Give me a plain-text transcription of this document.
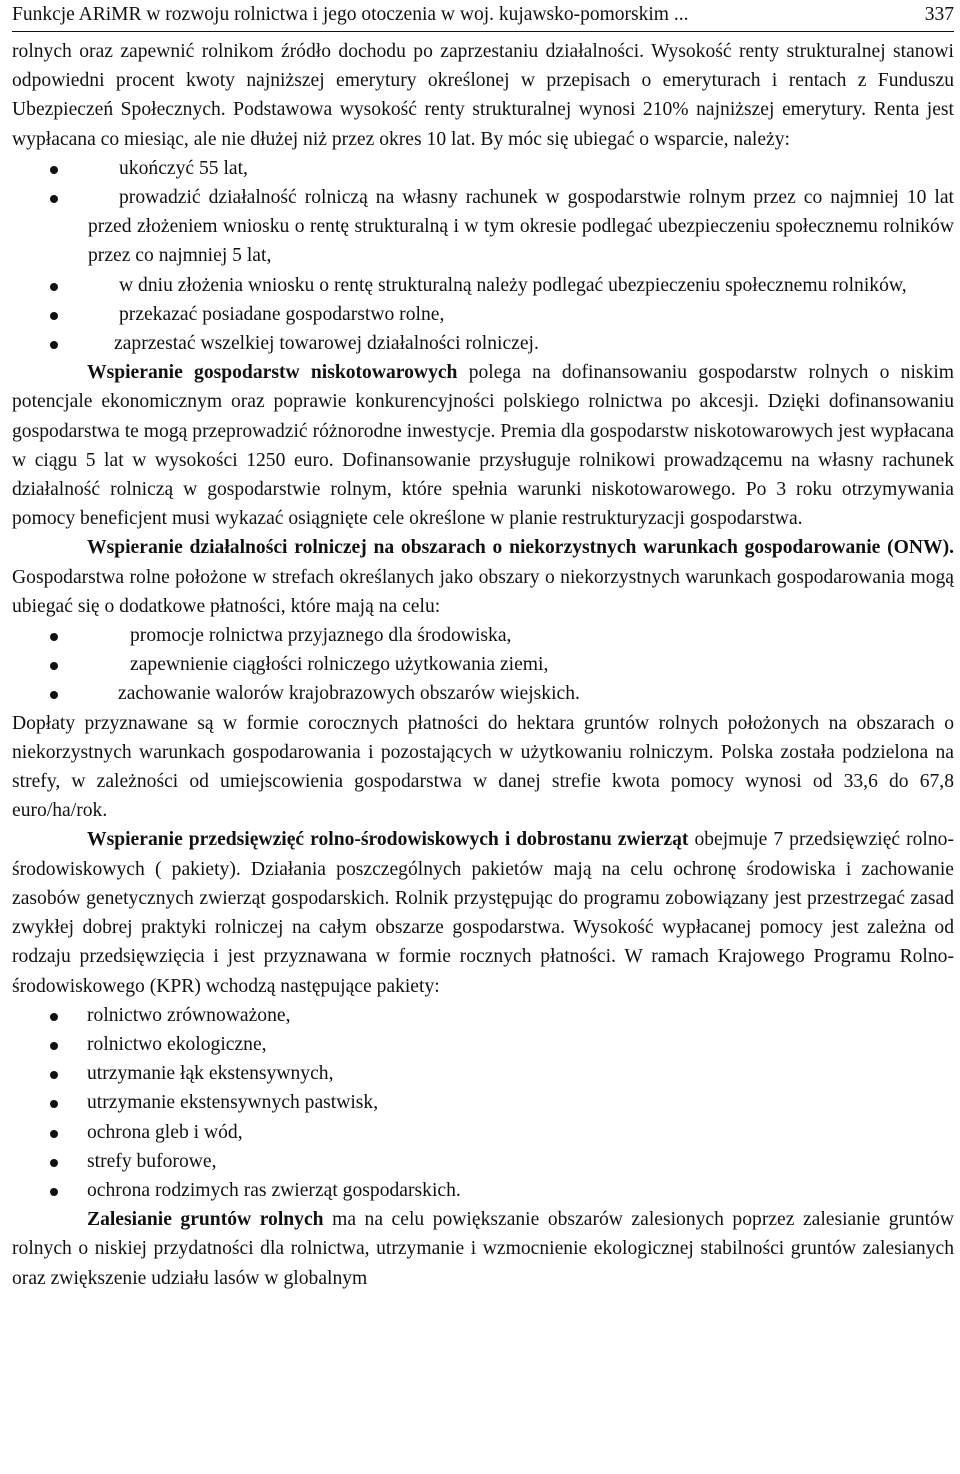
Funkcje ARiMR w rozwoju rolnictwa i jego otoczenia w woj. kujawsko-pomorskim ...	337

rolnych oraz zapewnić rolnikom źródło dochodu po zaprzestaniu działalności. Wysokość renty strukturalnej stanowi odpowiedni procent kwoty najniższej emerytury określonej w przepisach o emeryturach i rentach z Funduszu Ubezpieczeń Społecznych. Podstawowa wysokość renty strukturalnej wynosi 210% najniższej emerytury. Renta jest wypłacana co miesiąc, ale nie dłużej niż przez okres 10 lat. By móc się ubiegać o wsparcie, należy:

ukończyć 55 lat,
prowadzić działalność rolniczą na własny rachunek w gospodarstwie rolnym przez co najmniej 10 lat przed złożeniem wniosku o rentę strukturalną i w tym okresie podlegać ubezpieczeniu społecznemu rolników przez co najmniej 5 lat,
w dniu złożenia wniosku o rentę strukturalną należy podlegać ubezpieczeniu społecznemu rolników,
przekazać posiadane gospodarstwo rolne,
zaprzestać wszelkiej towarowej działalności rolniczej.

Wspieranie gospodarstw niskotowarowych polega na dofinansowaniu gospodarstw rolnych o niskim potencjale ekonomicznym oraz poprawie konkurencyjności polskiego rolnictwa po akcesji. Dzięki dofinansowaniu gospodarstwa te mogą przeprowadzić różnorodne inwestycje. Premia dla gospodarstw niskotowarowych jest wypłacana w ciągu 5 lat w wysokości 1250 euro. Dofinansowanie przysługuje rolnikowi prowadzącemu na własny rachunek działalność rolniczą w gospodarstwie rolnym, które spełnia warunki niskotowarowego. Po 3 roku otrzymywania pomocy beneficjent musi wykazać osiągnięte cele określone w planie restrukturyzacji gospodarstwa.

Wspieranie działalności rolniczej na obszarach o niekorzystnych warunkach gospodarowanie (ONW). Gospodarstwa rolne położone w strefach określanych jako obszary o niekorzystnych warunkach gospodarowania mogą ubiegać się o dodatkowe płatności, które mają na celu:

promocje rolnictwa przyjaznego dla środowiska,
zapewnienie ciągłości rolniczego użytkowania ziemi,
zachowanie walorów krajobrazowych obszarów wiejskich.

Dopłaty przyznawane są w formie corocznych płatności do hektara gruntów rolnych położonych na obszarach o niekorzystnych warunkach gospodarowania i pozostających w użytkowaniu rolniczym. Polska została podzielona na strefy, w zależności od umiejscowienia gospodarstwa w danej strefie kwota pomocy wynosi od 33,6 do 67,8 euro/ha/rok.

Wspieranie przedsięwzięć rolno-środowiskowych i dobrostanu zwierząt obejmuje 7 przedsięwzięć rolno-środowiskowych ( pakiety). Działania poszczególnych pakietów mają na celu ochronę środowiska i zachowanie zasobów genetycznych zwierząt gospodarskich. Rolnik przystępując do programu zobowiązany jest przestrzegać zasad zwykłej dobrej praktyki rolniczej na całym obszarze gospodarstwa. Wysokość wypłacanej pomocy jest zależna od rodzaju przedsięwzięcia i jest przyznawana w formie rocznych płatności. W ramach Krajowego Programu Rolno-środowiskowego (KPR) wchodzą następujące pakiety:

rolnictwo zrównoważone,
rolnictwo ekologiczne,
utrzymanie łąk ekstensywnych,
utrzymanie ekstensywnych pastwisk,
ochrona gleb i wód,
strefy buforowe,
ochrona rodzimych ras zwierząt gospodarskich.

Zalesianie gruntów rolnych ma na celu powiększanie obszarów zalesionych poprzez zalesianie gruntów rolnych o niskiej przydatności dla rolnictwa, utrzymanie i wzmocnienie ekologicznej stabilności gruntów zalesianych oraz zwiększenie udziału lasów w globalnym
